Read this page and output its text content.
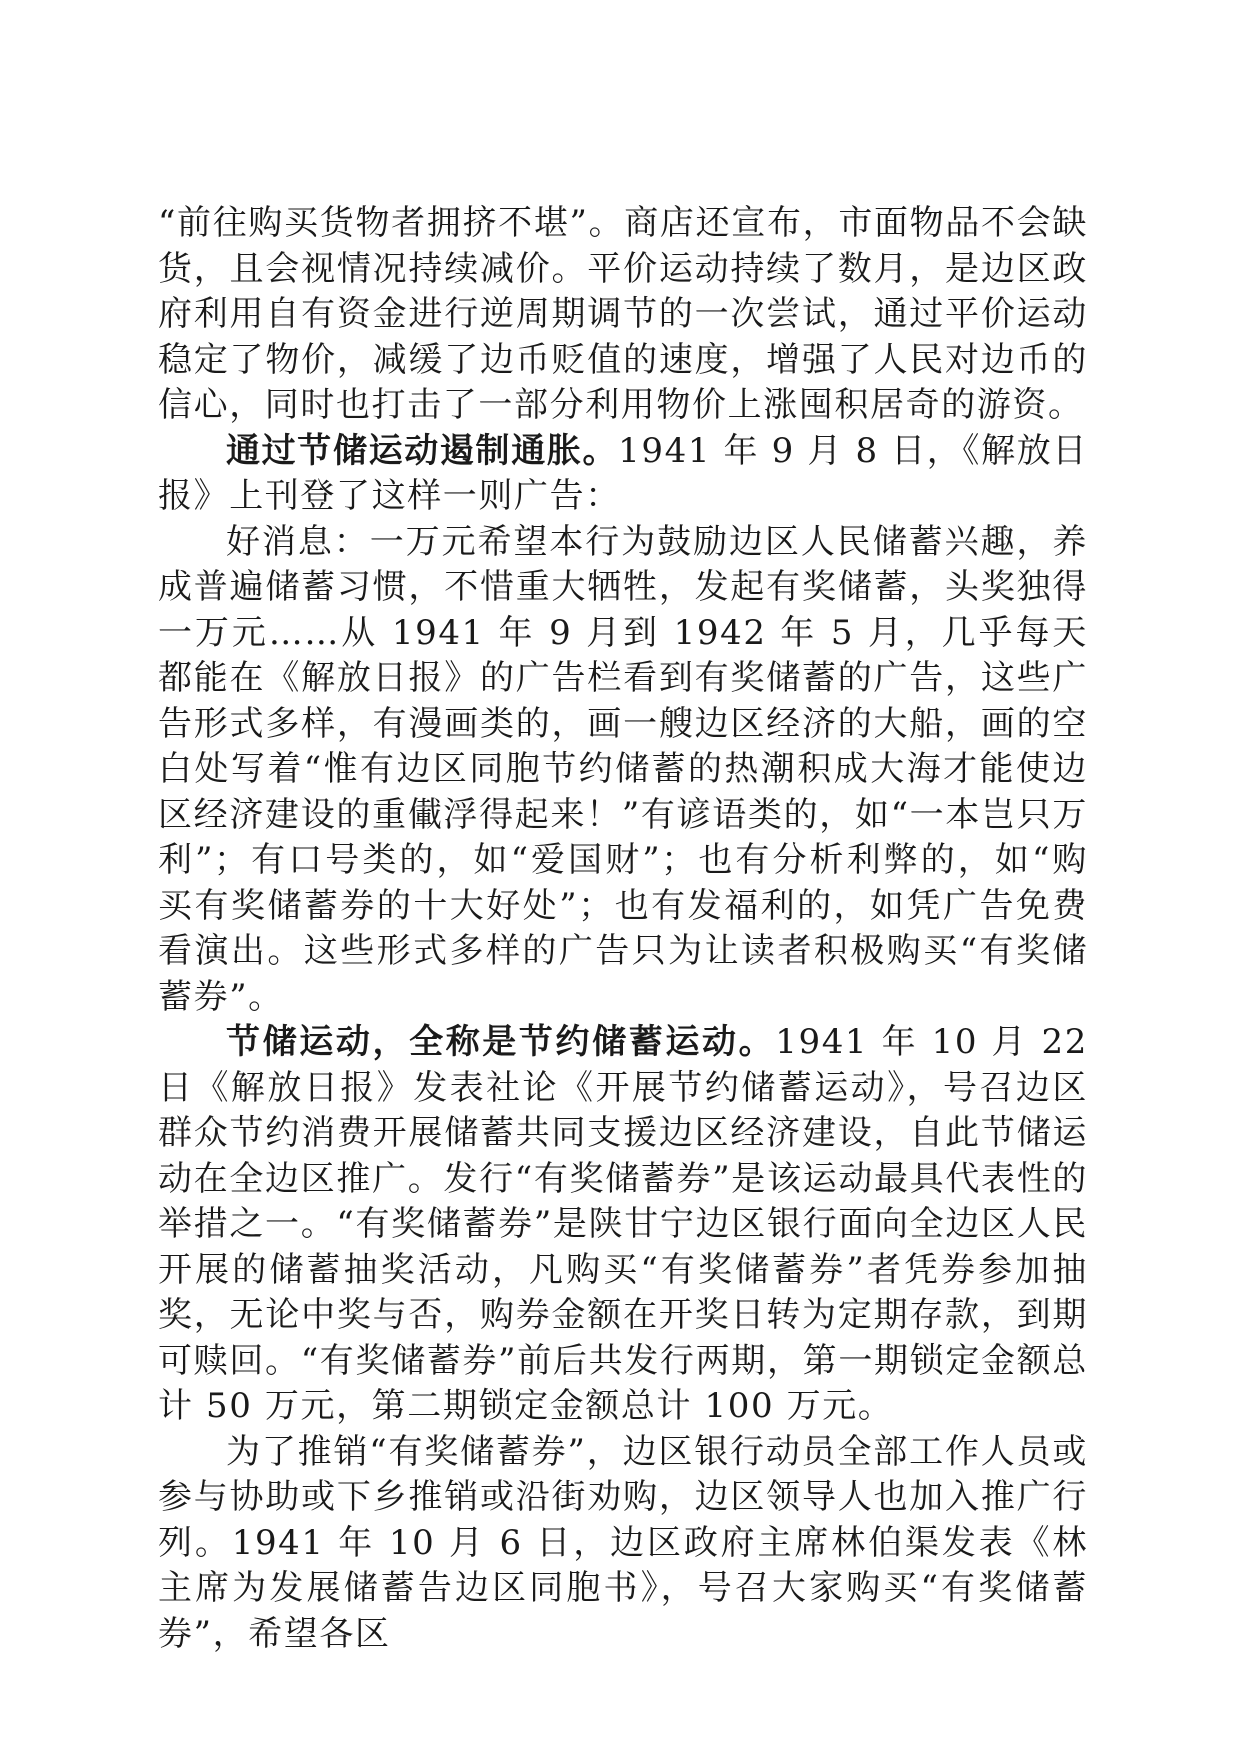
“前往购买货物者拥挤不堪”。商店还宣布，市面物品不会缺货，且会视情况持续减价。平价运动持续了数月，是边区政府利用自有资金进行逆周期调节的一次尝试，通过平价运动稳定了物价，减缓了边币贬值的速度，增强了人民对边币的信心，同时也打击了一部分利用物价上涨囤积居奇的游资。

通过节储运动遏制通胀。1941 年 9 月 8 日，《解放日报》上刊登了这样一则广告：

好消息：一万元希望本行为鼓励边区人民储蓄兴趣，养成普遍储蓄习惯，不惜重大牺牲，发起有奖储蓄，头奖独得一万元……从 1941 年 9 月到 1942 年 5 月，几乎每天都能在《解放日报》的广告栏看到有奖储蓄的广告，这些广告形式多样，有漫画类的，画一艘边区经济的大船，画的空白处写着“惟有边区同胞节约储蓄的热潮积成大海才能使边区经济建设的重儎浮得起来！”有谚语类的，如“一本岂只万利”；有口号类的，如“爱国财”；也有分析利弊的，如“购买有奖储蓄券的十大好处”；也有发福利的，如凭广告免费看演出。这些形式多样的广告只为让读者积极购买“有奖储蓄券”。

节储运动，全称是节约储蓄运动。1941 年 10 月 22 日《解放日报》发表社论《开展节约储蓄运动》，号召边区群众节约消费开展储蓄共同支援边区经济建设，自此节储运动在全边区推广。发行“有奖储蓄券”是该运动最具代表性的举措之一。“有奖储蓄券”是陕甘宁边区银行面向全边区人民开展的储蓄抽奖活动，凡购买“有奖储蓄券”者凭券参加抽奖，无论中奖与否，购券金额在开奖日转为定期存款，到期可赎回。“有奖储蓄券”前后共发行两期，第一期锁定金额总计 50 万元，第二期锁定金额总计 100 万元。

为了推销“有奖储蓄券”，边区银行动员全部工作人员或参与协助或下乡推销或沿街劝购，边区领导人也加入推广行列。1941 年 10 月 6 日，边区政府主席林伯渠发表《林主席为发展储蓄告边区同胞书》，号召大家购买“有奖储蓄券”，希望各区
